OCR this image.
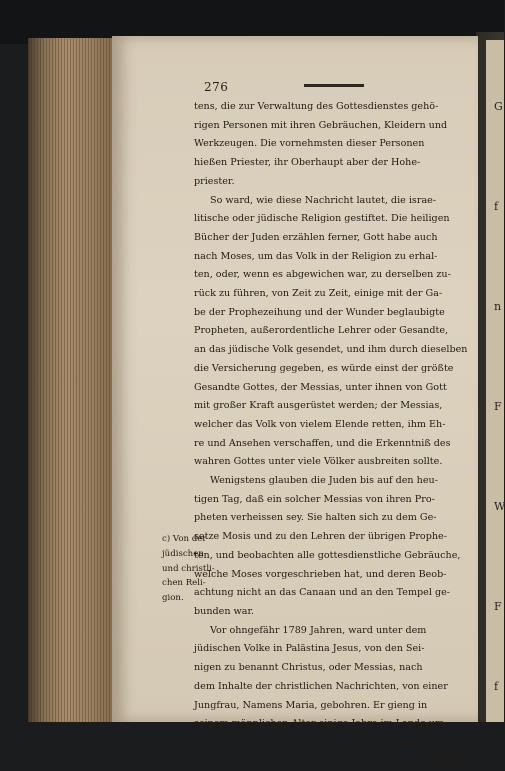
G
f
n
F
W
F
f
276
tens, die zur Verwaltung des Gottesdienstes gehö-
rigen Personen mit ihren Gebräuchen, Kleidern und
Werkzeugen. Die vornehmsten dieser Personen
hießen Priester, ihr Oberhaupt aber der Hohe-
priester.
So ward, wie diese Nachricht lautet, die israe-
litische oder jüdische Religion gestiftet. Die heiligen
Bücher der Juden erzählen ferner, Gott habe auch
nach Moses, um das Volk in der Religion zu erhal-
ten, oder, wenn es abgewichen war, zu derselben zu-
rück zu führen, von Zeit zu Zeit, einige mit der Ga-
be der Prophezeihung und der Wunder beglaubigte
Propheten, außerordentliche Lehrer oder Gesandte,
an das jüdische Volk gesendet, und ihm durch dieselben
die Versicherung gegeben, es würde einst der größte
Gesandte Gottes, der Messias, unter ihnen von Gott
mit großer Kraft ausgerüstet werden; der Messias,
welcher das Volk von vielem Elende retten, ihm Eh-
re und Ansehen verschaffen, und die Erkenntniß des
wahren Gottes unter viele Völker ausbreiten sollte.
Wenigstens glauben die Juden bis auf den heu-
tigen Tag, daß ein solcher Messias von ihren Pro-
pheten verheissen sey. Sie halten sich zu dem Ge-
setze Mosis und zu den Lehren der übrigen Prophe-
ten, und beobachten alle gottesdienstliche Gebräuche,
welche Moses vorgeschrieben hat, und deren Beob-
achtung nicht an das Canaan und an den Tempel ge-
bunden war.
Vor ohngefähr 1789 Jahren, ward unter dem
jüdischen Volke in Palästina Jesus, von den Sei-
nigen zu benannt Christus, oder Messias, nach
dem Inhalte der christlichen Nachrichten, von einer
Jungfrau, Namens Maria, gebohren. Er gieng in
seinem männlichen Alter einige Jahre im Lande um-
her und lehrte, er sey der Messias, der eingebohrne
Sohn
c) Von der
jüdischen
und christli-
chen Reli-
gion.
